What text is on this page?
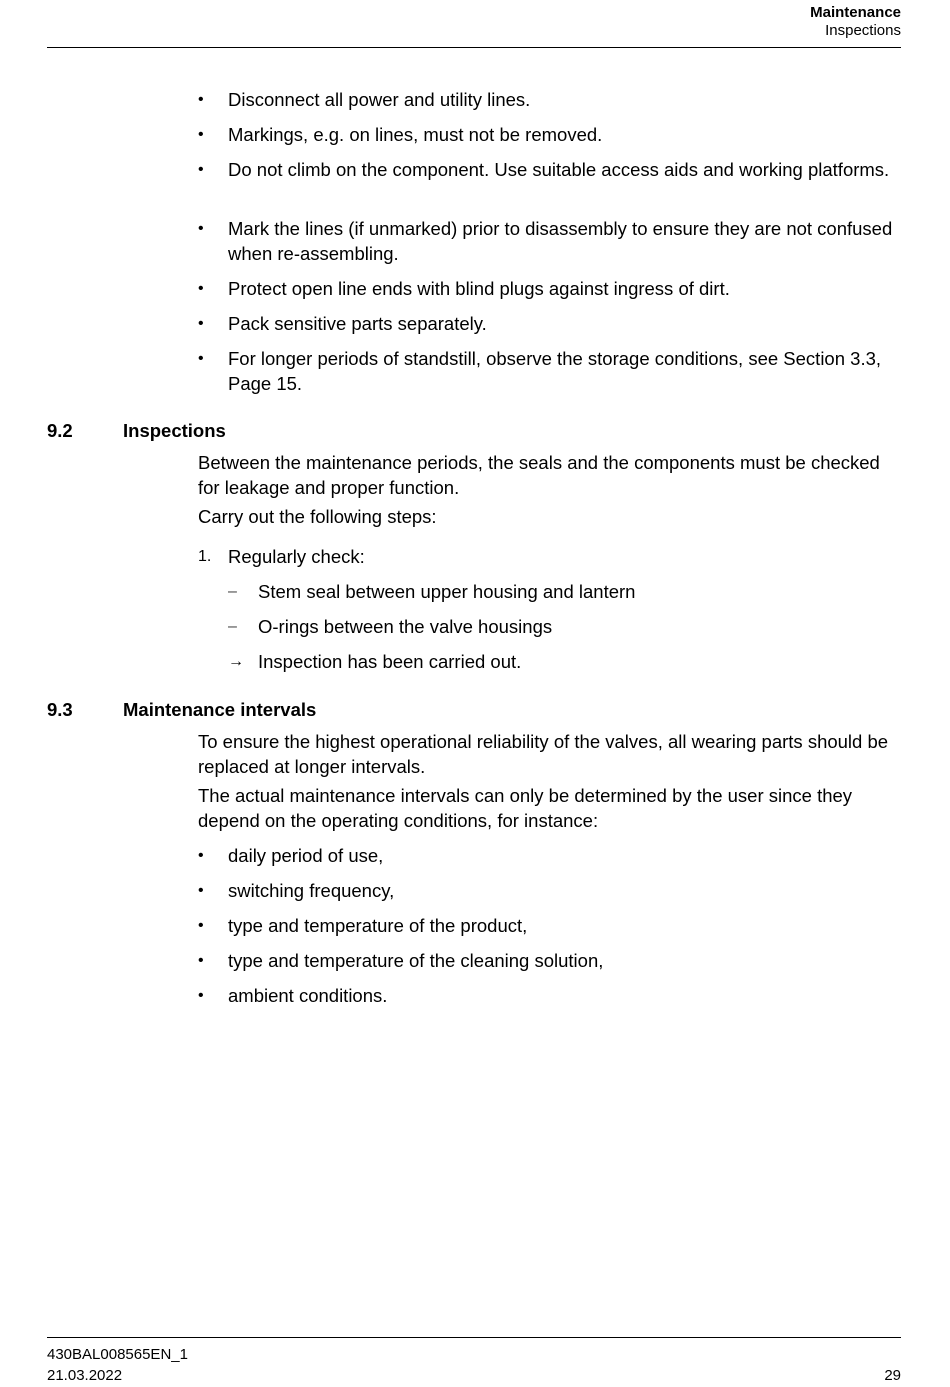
Maintenance
Inspections
•	Disconnect all power and utility lines.
•	Markings, e.g. on lines, must not be removed.
•	Do not climb on the component. Use suitable access aids and working platforms.
•	Mark the lines (if unmarked) prior to disassembly to ensure they are not confused when re-assembling.
•	Protect open line ends with blind plugs against ingress of dirt.
•	Pack sensitive parts separately.
•	For longer periods of standstill, observe the storage conditions, see Section 3.3, Page 15.
9.2	Inspections
Between the maintenance periods, the seals and the components must be checked for leakage and proper function.
Carry out the following steps:
1. Regularly check:
–	Stem seal between upper housing and lantern
–	O-rings between the valve housings
→ Inspection has been carried out.
9.3	Maintenance intervals
To ensure the highest operational reliability of the valves, all wearing parts should be replaced at longer intervals.
The actual maintenance intervals can only be determined by the user since they depend on the operating conditions, for instance:
•	daily period of use,
•	switching frequency,
•	type and temperature of the product,
•	type and temperature of the cleaning solution,
•	ambient conditions.
430BAL008565EN_1
21.03.2022	29
